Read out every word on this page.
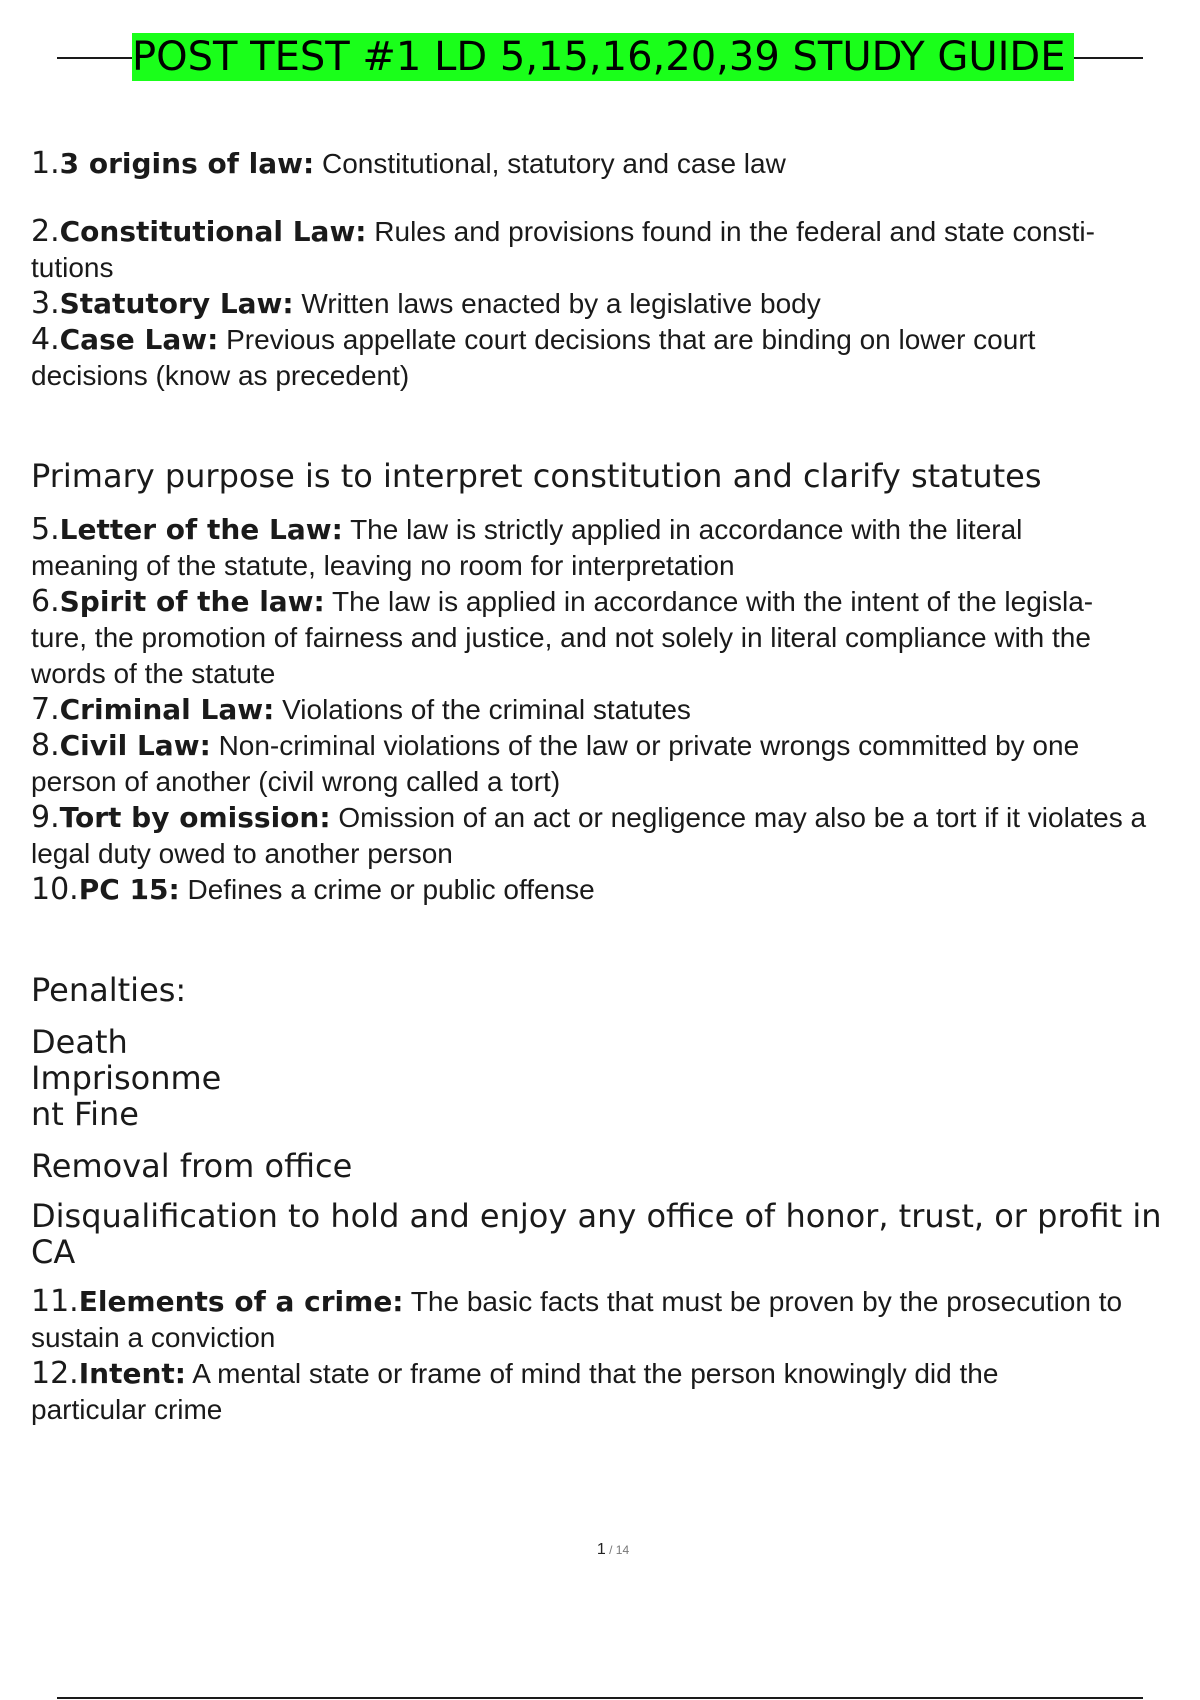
POST TEST #1 LD 5,15,16,20,39 STUDY GUIDE

1.3 origins of law: Constitutional, statutory and case law

2.Constitutional Law: Rules and provisions found in the federal and state consti-

tutions

3.Statutory Law: Written laws enacted by a legislative body

4.Case Law: Previous appellate court decisions that are binding on lower court

decisions (know as precedent)

Primary purpose is to interpret constitution and clarify statutes

5.Letter of the Law: The law is strictly applied in accordance with the literal

meaning of the statute, leaving no room for interpretation

6.Spirit of the law: The law is applied in accordance with the intent of the legisla-

ture, the promotion of fairness and justice, and not solely in literal compliance with the

words of the statute

7.Criminal Law: Violations of the criminal statutes

8.Civil Law: Non-criminal violations of the law or private wrongs committed by one

person of another (civil wrong called a tort)

9.Tort by omission: Omission of an act or negligence may also be a tort if it violates a

legal duty owed to another person

10.PC 15: Defines a crime or public offense

Penalties:

Death

Imprisonme

nt Fine

Removal from office

Disqualification to hold and enjoy any office of honor, trust, or profit in

CA

11.Elements of a crime: The basic facts that must be proven by the prosecution to

sustain a conviction

12.Intent: A mental state or frame of mind that the person knowingly did the

particular crime

1 / 14
